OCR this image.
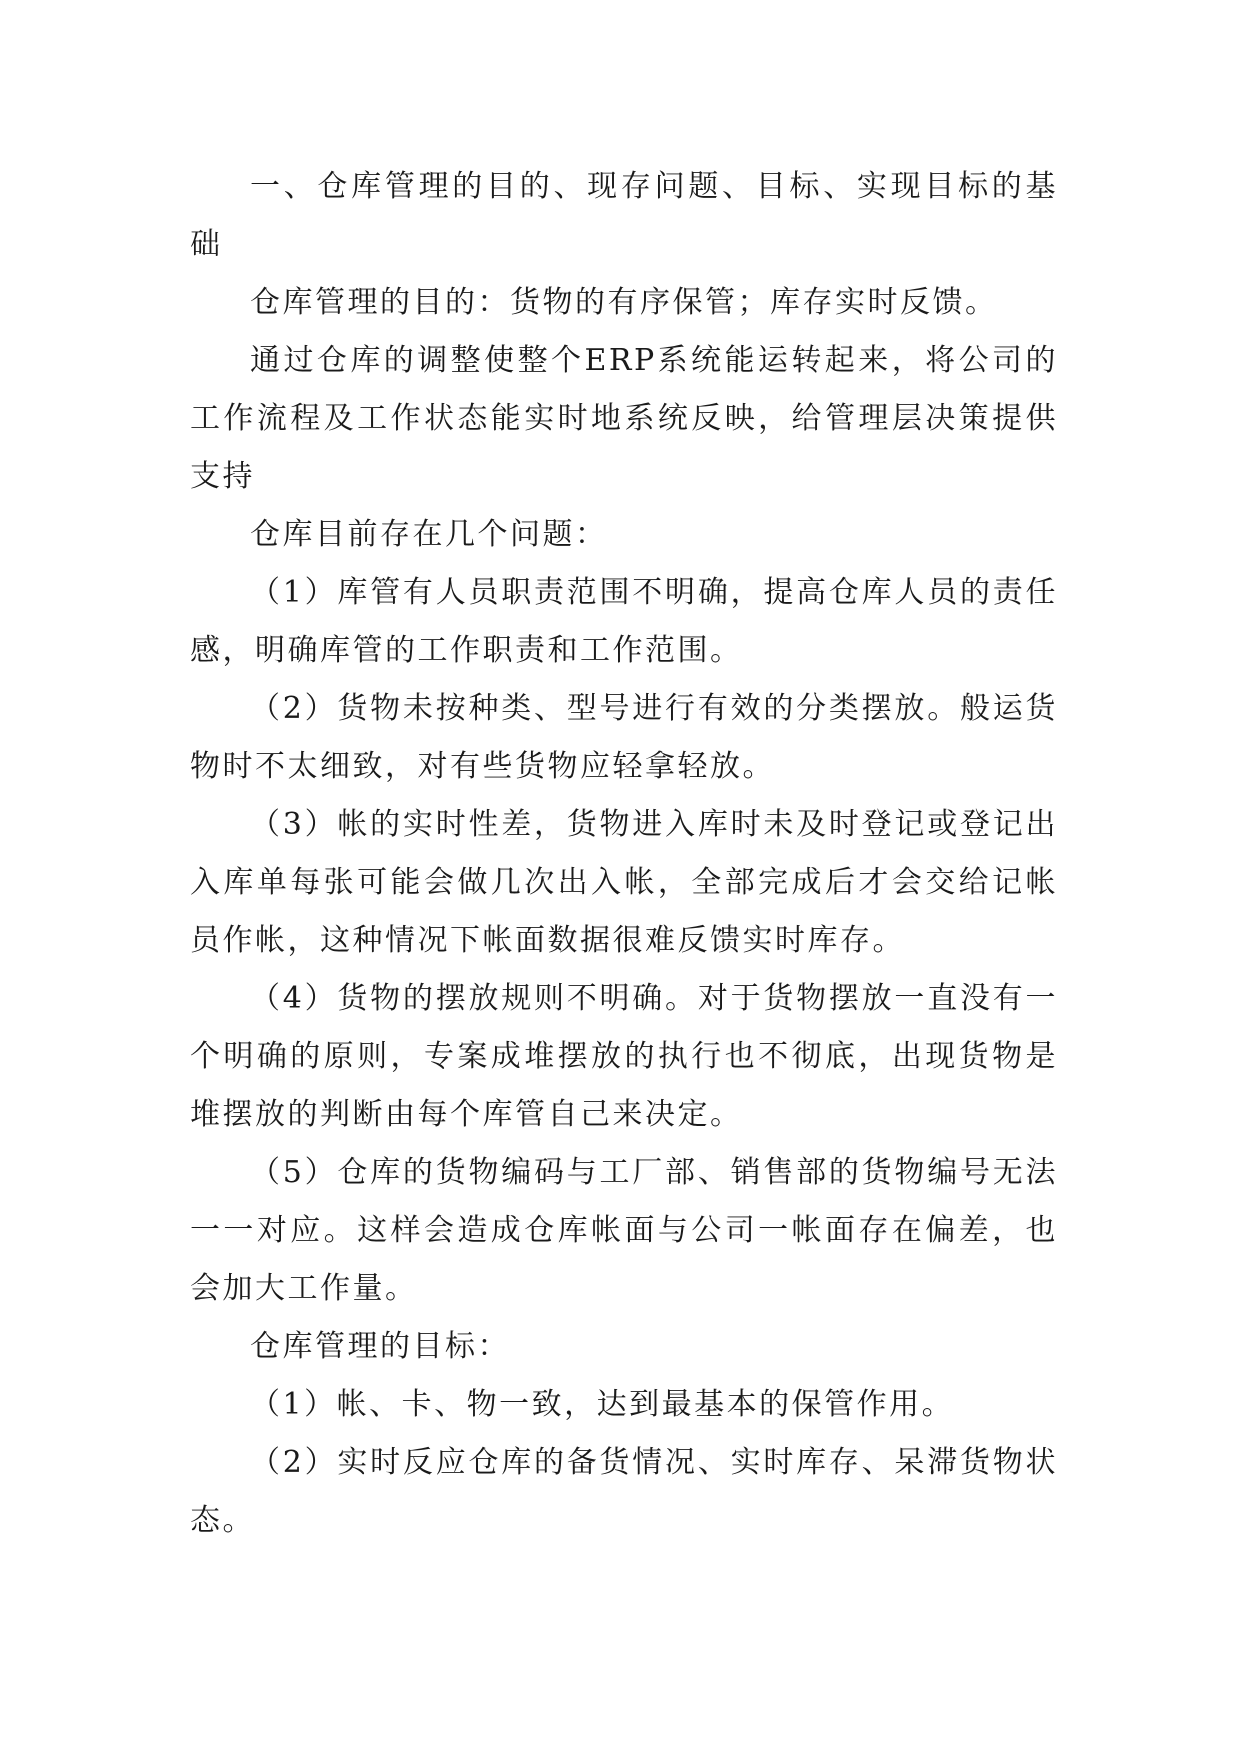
一、仓库管理的目的、现存问题、目标、实现目标的基础

仓库管理的目的：货物的有序保管；库存实时反馈。

通过仓库的调整使整个ERP系统能运转起来，将公司的工作流程及工作状态能实时地系统反映，给管理层决策提供支持

仓库目前存在几个问题：

（1）库管有人员职责范围不明确，提高仓库人员的责任感，明确库管的工作职责和工作范围。

（2）货物未按种类、型号进行有效的分类摆放。般运货物时不太细致，对有些货物应轻拿轻放。

（3）帐的实时性差，货物进入库时未及时登记或登记出入库单每张可能会做几次出入帐，全部完成后才会交给记帐员作帐，这种情况下帐面数据很难反馈实时库存。

（4）货物的摆放规则不明确。对于货物摆放一直没有一个明确的原则，专案成堆摆放的执行也不彻底，出现货物是堆摆放的判断由每个库管自己来决定。

（5）仓库的货物编码与工厂部、销售部的货物编号无法一一对应。这样会造成仓库帐面与公司一帐面存在偏差，也会加大工作量。

仓库管理的目标：

（1）帐、卡、物一致，达到最基本的保管作用。

（2）实时反应仓库的备货情况、实时库存、呆滞货物状态。
